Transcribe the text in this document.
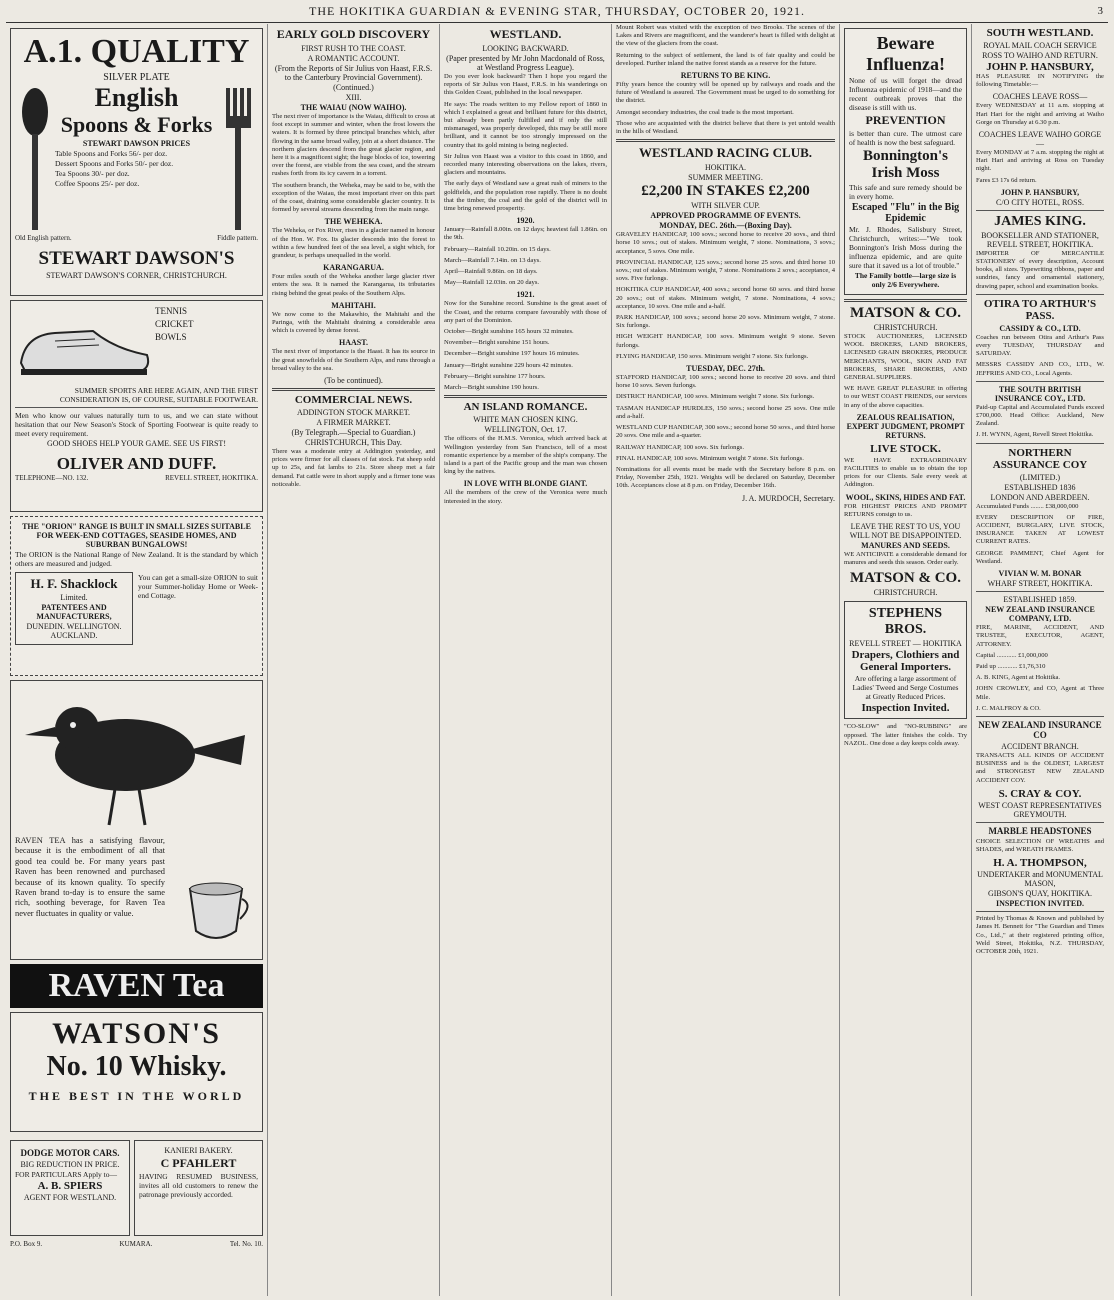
THE HOKITIKA GUARDIAN & EVENING STAR, THURSDAY, OCTOBER 20, 1921.	3
A.1. QUALITY
SILVER PLATE
English
Spoons & Forks
STEWART DAWSON PRICES
Table Spoons and Forks 56/- per doz.
Dessert Spoons and Forks 50/- per doz.
Tea Spoons 30/- per doz.
Coffee Spoons 25/- per doz.
Old English pattern.	Fiddle pattern.
STEWART DAWSON'S
STEWART DAWSON'S CORNER, CHRISTCHURCH.
TENNIS
CRICKET
BOWLS
SUMMER SPORTS ARE HERE AGAIN, AND THE FIRST CONSIDERATION IS, OF COURSE, SUITABLE FOOTWEAR.
Men who know our values naturally turn to us, and we can state without hesitation that our New Season's Stock of Sporting Footwear is quite ready to meet every requirement.
GOOD SHOES HELP YOUR GAME. SEE US FIRST!
OLIVER AND DUFF.
TELEPHONE—NO. 132.	REVELL STREET, HOKITIKA.
THE "ORION" RANGE IS BUILT IN SMALL SIZES SUITABLE FOR WEEK-END COTTAGES, SEASIDE HOMES, AND SUBURBAN BUNGALOWS!
The ORION is the National Range of New Zealand. It is the standard by which others are measured and judged.
H. F. Shacklock
Limited.
PATENTEES AND MANUFACTURERS,
DUNEDIN. WELLINGTON. AUCKLAND.
You can get a small-size ORION to suit your Summer-holiday Home or Week-end Cottage.
RAVEN TEA has a satisfying flavour, because it is the embodiment of all that good tea could be. For many years past Raven has been renowned and purchased because of its known quality. To specify Raven brand to-day is to ensure the same rich, soothing beverage, for Raven Tea never fluctuates in quality or value.
RAVEN Tea
WATSON'S
No. 10 Whisky.
THE BEST IN THE WORLD
DODGE MOTOR CARS.
BIG REDUCTION IN PRICE.
FOR PARTICULARS Apply to—
A. B. SPIERS
AGENT FOR WESTLAND.
KANIERI BAKERY.
C PFAHLERT
HAVING RESUMED BUSINESS, invites all old customers to renew the patronage previously accorded.
P.O. Box 9.	KUMARA.	Tel. No. 10.
EARLY GOLD DISCOVERY
FIRST RUSH TO THE COAST.
A ROMANTIC ACCOUNT.
(From the Reports of Sir Julius von Haast, F.R.S. to the Canterbury Provincial Government).
(Continued.)
XIII.
THE WAIAU (NOW WAIHO).

The next river of importance is the Waiau, difficult to cross at foot except in summer and winter, when the frost lowers the waters. It is formed by three principal branches which, after flowing in the same broad valley, join at a short distance. The northern glaciers descend from the great glacier region, and here it is a magnificent sight; the huge blocks of ice, towering over the forest, are visible from the sea coast, and the stream rushes forth from its icy cavern in a torrent.

The southern branch, the Weheka, may be said to be, with the exception of the Waiau, the most important river on this part of the coast, draining some considerable glacier country. It is formed by several streams descending from the main range.

THE WEHEKA.

The Weheka, or Fox River, rises in a glacier named in honour of the Hon. W. Fox. Its glacier descends into the forest to within a few hundred feet of the sea level, a sight which, for grandeur, is perhaps unequalled in the world.

KARANGARUA.

Four miles south of the Weheka another large glacier river enters the sea. It is named the Karangarua, its tributaries rising behind the great peaks of the Southern Alps.

MAHITAHI.

We now come to the Makawhio, the Mahitahi and the Paringa, with the Mahitahi draining a considerable area which is covered by dense forest.

HAAST.

The next river of importance is the Haast. It has its source in the great snowfields of the Southern Alps, and runs through a broad valley to the sea.

(To be continued).
COMMERCIAL NEWS.
ADDINGTON STOCK MARKET.
A FIRMER MARKET.
(By Telegraph.—Special to Guardian.)
CHRISTCHURCH, This Day.

There was a moderate entry at Addington yesterday, and prices were firmer for all classes of fat stock. Fat sheep sold up to 25s, and fat lambs to 21s. Store sheep met a fair demand. Fat cattle were in short supply and a firmer tone was noticeable.

WESTLAND.
LOOKING BACKWARD.
(Paper presented by Mr John Macdonald of Ross, at Westland Progress League).

Do you ever look backward? Then I hope you regard the reports of Sir Julius von Haast, F.R.S. in his wanderings on this Golden Coast, published in the local newspaper.

He says: The roads written to my Fellow report of 1860 in which I explained a great and brilliant future for this district, but already been partly fulfilled and if only the still mismanaged, was properly developed, this may be still more brilliant, and it cannot be too strongly impressed on the country that its gold mining is being neglected.

Sir Julius von Haast was a visitor to this coast in 1860, and recorded many interesting observations on the lakes, rivers, glaciers and mountains.

The early days of Westland saw a great rush of miners to the goldfields, and the population rose rapidly. There is no doubt that the timber, the coal and the gold of the district will in time bring renewed prosperity.

1920.

January—Rainfall 8.00in. on 12 days; heaviest fall 1.86in. on the 9th.

February—Rainfall 10.20in. on 15 days.

March—Rainfall 7.14in. on 13 days.

April—Rainfall 9.86in. on 18 days.

May—Rainfall 12.03in. on 20 days.

1921.

Now for the Sunshine record. Sunshine is the great asset of the Coast, and the returns compare favourably with those of any part of the Dominion.

October—Bright sunshine 165 hours 32 minutes.

November—Bright sunshine 151 hours.

December—Bright sunshine 197 hours 16 minutes.

January—Bright sunshine 229 hours 42 minutes.

February—Bright sunshine 177 hours.

March—Bright sunshine 190 hours.

AN ISLAND ROMANCE.
WHITE MAN CHOSEN KING.
WELLINGTON, Oct. 17.

The officers of the H.M.S. Veronica, which arrived back at Wellington yesterday from San Francisco, tell of a most romantic experience by a member of the ship's company. The island is a part of the Pacific group and the man was chosen king by the natives.

IN LOVE WITH BLONDE GIANT.

All the members of the crew of the Veronica were much interested in the story.

Mount Robert was visited with the exception of two Brooks. The scenes of the Lakes and Rivers are magnificent, and the wanderer's heart is filled with delight at the view of the glaciers from the coast.

Returning to the subject of settlement, the land is of fair quality and could be developed. Further inland the native forest stands as a reserve for the future.

RETURNS TO BE KING.

Fifty years hence the country will be opened up by railways and roads and the future of Westland is assured. The Government must be urged to do something for the district.

Amongst secondary industries, the coal trade is the most important.

Those who are acquainted with the district believe that there is yet untold wealth in the hills of Westland.

WESTLAND RACING CLUB.
HOKITIKA.
SUMMER MEETING.
£2,200 IN STAKES £2,200
WITH SILVER CUP.
APPROVED PROGRAMME OF EVENTS.
MONDAY, DEC. 26th.—(Boxing Day).

GRAVELEY HANDICAP, 100 sovs.; second horse to receive 20 sovs., and third horse 10 sovs.; out of stakes. Minimum weight, 7 stone. Nominations, 3 sovs.; acceptance, 5 sovs. One mile.

PROVINCIAL HANDICAP, 125 sovs.; second horse 25 sovs. and third horse 10 sovs.; out of stakes. Minimum weight, 7 stone. Nominations 2 sovs.; acceptance, 4 sovs. Five furlongs.

HOKITIKA CUP HANDICAP, 400 sovs.; second horse 60 sovs. and third horse 20 sovs.; out of stakes. Minimum weight, 7 stone. Nominations, 4 sovs.; acceptance, 10 sovs. One mile and a-half.

PARK HANDICAP, 100 sovs.; second horse 20 sovs. Minimum weight, 7 stone. Six furlongs.

HIGH WEIGHT HANDICAP, 100 sovs. Minimum weight 9 stone. Seven furlongs.

FLYING HANDICAP, 150 sovs. Minimum weight 7 stone. Six furlongs.

TUESDAY, DEC. 27th.

STAFFORD HANDICAP, 100 sovs.; second horse to receive 20 sovs. and third horse 10 sovs. Seven furlongs.

DISTRICT HANDICAP, 100 sovs. Minimum weight 7 stone. Six furlongs.

TASMAN HANDICAP HURDLES, 150 sovs.; second horse 25 sovs. One mile and a-half.

WESTLAND CUP HANDICAP, 300 sovs.; second horse 50 sovs., and third horse 20 sovs. One mile and a-quarter.

RAILWAY HANDICAP, 100 sovs. Six furlongs.

FINAL HANDICAP, 100 sovs. Minimum weight 7 stone. Six furlongs.

Nominations for all events must be made with the Secretary before 8 p.m. on Friday, November 25th, 1921. Weights will be declared on Saturday, December 10th. Acceptances close at 8 p.m. on Friday, December 16th.

J. A. MURDOCH, Secretary.
Beware
Influenza!
None of us will forget the dread Influenza epidemic of 1918—and the recent outbreak proves that the disease is still with us.
PREVENTION
is better than cure. The utmost care of health is now the best safeguard.
Bonnington's
Irish Moss
This safe and sure remedy should be in every home.
Escaped "Flu" in the Big Epidemic
Mr. J. Rhodes, Salisbury Street, Christchurch, writes:—"We took Bonnington's Irish Moss during the influenza epidemic, and are quite sure that it saved us a lot of trouble."
The Family bottle—large size is only 2/6 Everywhere.
MATSON & CO.
CHRISTCHURCH.

STOCK AUCTIONEERS, LICENSED WOOL BROKERS, LAND BROKERS, LICENSED GRAIN BROKERS, PRODUCE MERCHANTS, WOOL, SKIN AND FAT BROKERS, SHARE BROKERS, AND GENERAL SUPPLIERS.

WE HAVE GREAT PLEASURE in offering to our WEST COAST FRIENDS, our services in any of the above capacities.

ZEALOUS REALISATION, EXPERT JUDGMENT, PROMPT RETURNS.
LIVE STOCK.

WE HAVE EXTRAORDINARY FACILITIES to enable us to obtain the top prices for our Clients. Sale every week at Addington.

WOOL, SKINS, HIDES AND FAT.

FOR HIGHEST PRICES AND PROMPT RETURNS consign to us.

LEAVE THE REST TO US, YOU WILL NOT BE DISAPPOINTED.
MANURES AND SEEDS.

WE ANTICIPATE a considerable demand for manures and seeds this season. Order early.

MATSON & CO.
CHRISTCHURCH.
STEPHENS BROS.
REVELL STREET — HOKITIKA
Drapers, Clothiers and General Importers.
Are offering a large assortment of Ladies' Tweed and Serge Costumes at Greatly Reduced Prices.
Inspection Invited.

"CO-SLOW" and "NO-RUBBING" are opposed. The latter finishes the colds. Try NAZOL. One dose a day keeps colds away.

SOUTH WESTLAND.
ROYAL MAIL COACH SERVICE
ROSS TO WAIHO AND RETURN.
JOHN P. HANSBURY,

HAS PLEASURE IN NOTIFYING the following Timetable:—

COACHES LEAVE ROSS—

Every WEDNESDAY at 11 a.m. stopping at Hari Hari for the night and arriving at Waiho Gorge on Thursday at 6.30 p.m.

COACHES LEAVE WAIHO GORGE—

Every MONDAY at 7 a.m. stopping the night at Hari Hari and arriving at Ross on Tuesday night.

Fares £3 17s 6d return.

JOHN P. HANSBURY,
C/O CITY HOTEL, ROSS.
JAMES KING.
BOOKSELLER AND STATIONER, REVELL STREET, HOKITIKA.

IMPORTER OF MERCANTILE STATIONERY of every description, Account books, all sizes. Typewriting ribbons, paper and sundries, fancy and ornamental stationery, drawing paper, school and examination books.

OTIRA TO ARTHUR'S PASS.
CASSIDY & CO., LTD.

Coaches run between Otira and Arthur's Pass every TUESDAY, THURSDAY and SATURDAY.

MESSRS CASSIDY AND CO., LTD., W. JEFFRIES AND CO., Local Agents.

THE SOUTH BRITISH INSURANCE COY., LTD.

Paid-up Capital and Accumulated Funds exceed £700,000. Head Office: Auckland, New Zealand.

J. H. WYNN, Agent, Revell Street Hokitika.

NORTHERN ASSURANCE COY
(LIMITED.)
ESTABLISHED 1836
LONDON AND ABERDEEN.

Accumulated Funds ........ £38,000,000

EVERY DESCRIPTION OF FIRE, ACCIDENT, BURGLARY, LIVE STOCK, INSURANCE TAKEN AT LOWEST CURRENT RATES.

GEORGE PAMMENT, Chief Agent for Westland.

VIVIAN W. M. BONAR
WHARF STREET, HOKITIKA.
ESTABLISHED 1859.
NEW ZEALAND INSURANCE COMPANY, LTD.

FIRE, MARINE, ACCIDENT, AND TRUSTEE, EXECUTOR, AGENT, ATTORNEY.

Capital ............ £1,000,000

Paid up ............ £1,76,310

A. B. KING, Agent at Hokitika.

JOHN CROWLEY, and CO, Agent at Three Mile.

J. C. MALFROY & CO.

NEW ZEALAND INSURANCE CO
ACCIDENT BRANCH.

TRANSACTS ALL KINDS OF ACCIDENT BUSINESS and is the OLDEST, LARGEST and STRONGEST NEW ZEALAND ACCIDENT COY.

S. CRAY & COY.
WEST COAST REPRESENTATIVES GREYMOUTH.
MARBLE HEADSTONES

CHOICE SELECTION OF WREATHS and SHADES, and WREATH FRAMES.

H. A. THOMPSON,
UNDERTAKER and MONUMENTAL MASON,
GIBSON'S QUAY, HOKITIKA.
INSPECTION INVITED.

Printed by Thomas & Known and published by James H. Bennett for "The Guardian and Times Co., Ltd.," at their registered printing office, Weld Street, Hokitika, N.Z. THURSDAY, OCTOBER 20th, 1921.
